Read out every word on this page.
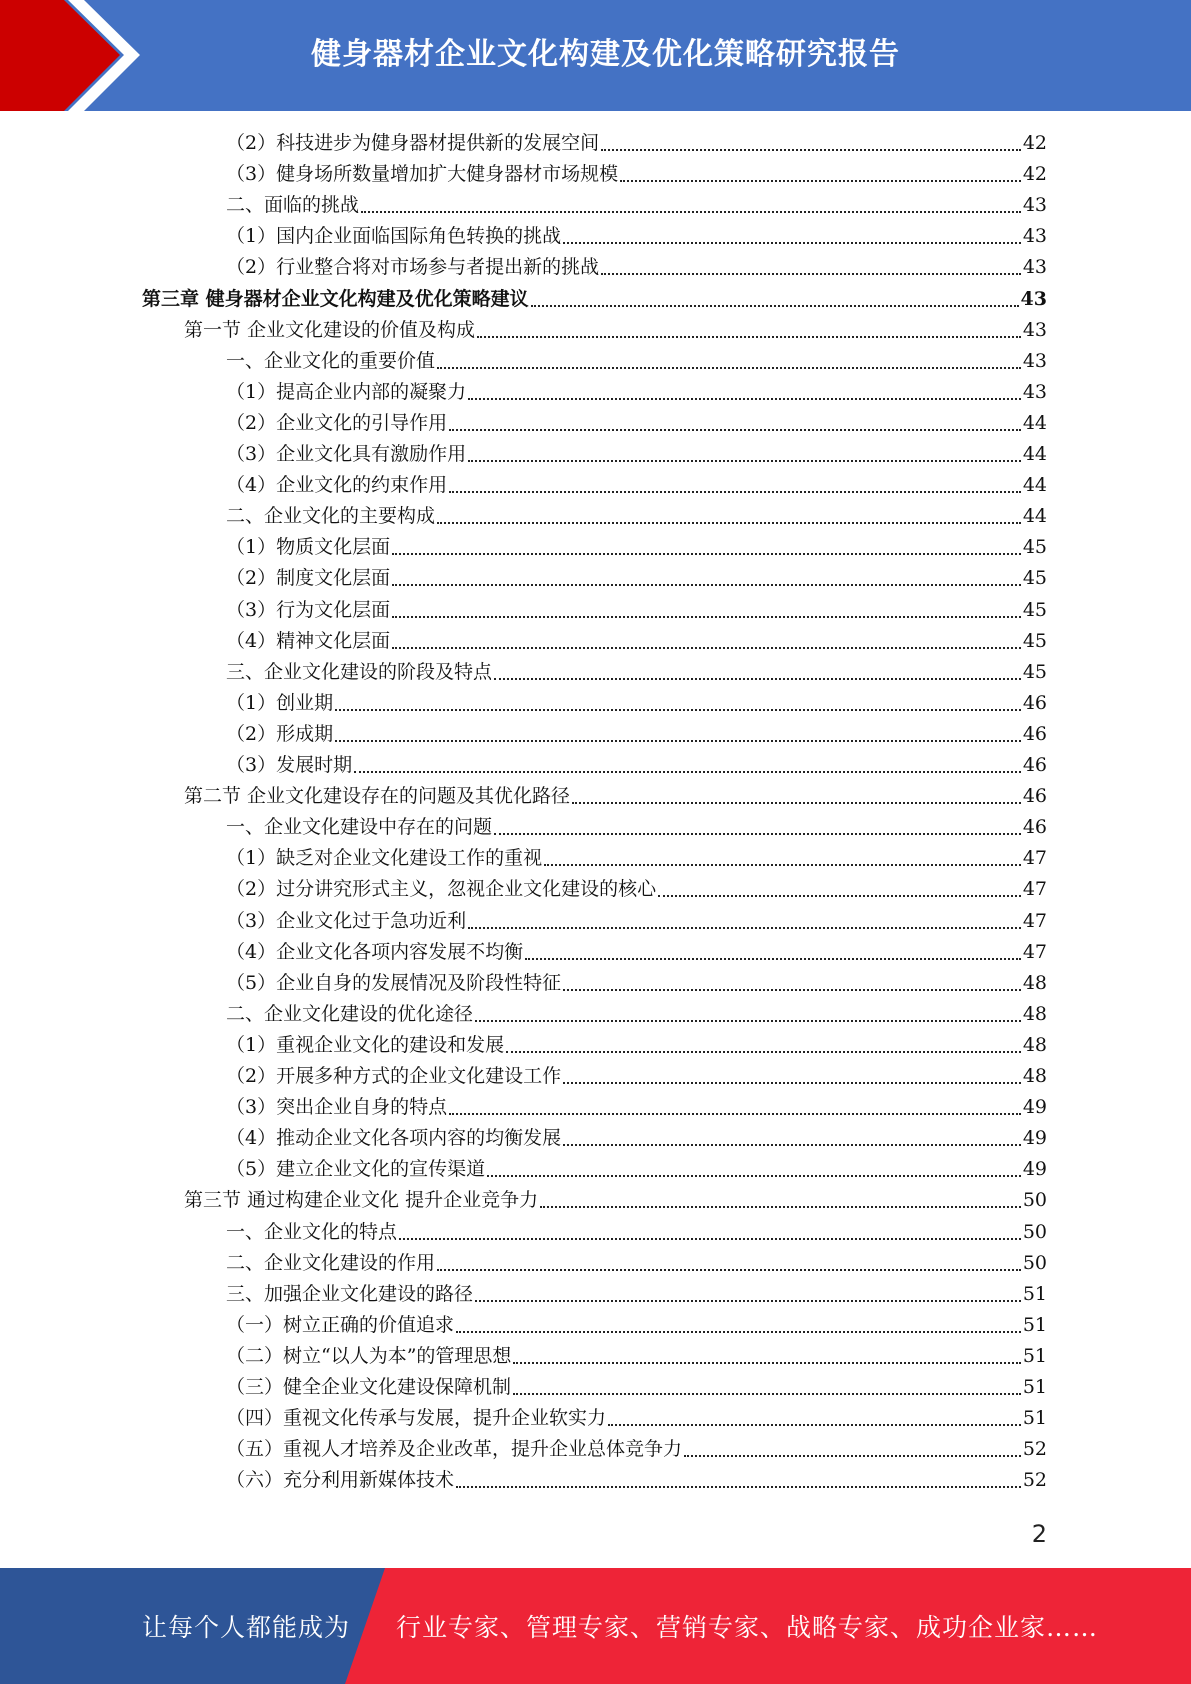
健身器材企业文化构建及优化策略研究报告
（2）科技进步为健身器材提供新的发展空间	42
（3）健身场所数量增加扩大健身器材市场规模	42
二、面临的挑战	43
（1）国内企业面临国际角色转换的挑战	43
（2）行业整合将对市场参与者提出新的挑战	43
第三章 健身器材企业文化构建及优化策略建议	43
第一节 企业文化建设的价值及构成	43
一、企业文化的重要价值	43
（1）提高企业内部的凝聚力	43
（2）企业文化的引导作用	44
（3）企业文化具有激励作用	44
（4）企业文化的约束作用	44
二、企业文化的主要构成	44
（1）物质文化层面	45
（2）制度文化层面	45
（3）行为文化层面	45
（4）精神文化层面	45
三、企业文化建设的阶段及特点	45
（1）创业期	46
（2）形成期	46
（3）发展时期	46
第二节 企业文化建设存在的问题及其优化路径	46
一、企业文化建设中存在的问题	46
（1）缺乏对企业文化建设工作的重视	47
（2）过分讲究形式主义，忽视企业文化建设的核心	47
（3）企业文化过于急功近利	47
（4）企业文化各项内容发展不均衡	47
（5）企业自身的发展情况及阶段性特征	48
二、企业文化建设的优化途径	48
（1）重视企业文化的建设和发展	48
（2）开展多种方式的企业文化建设工作	48
（3）突出企业自身的特点	49
（4）推动企业文化各项内容的均衡发展	49
（5）建立企业文化的宣传渠道	49
第三节 通过构建企业文化 提升企业竞争力	50
一、企业文化的特点	50
二、企业文化建设的作用	50
三、加强企业文化建设的路径	51
（一）树立正确的价值追求	51
（二）树立“以人为本”的管理思想	51
（三）健全企业文化建设保障机制	51
（四）重视文化传承与发展，提升企业软实力	51
（五）重视人才培养及企业改革，提升企业总体竞争力	52
（六）充分利用新媒体技术	52
2
让每个人都能成为 行业专家、管理专家、营销专家、战略专家、成功企业家……
